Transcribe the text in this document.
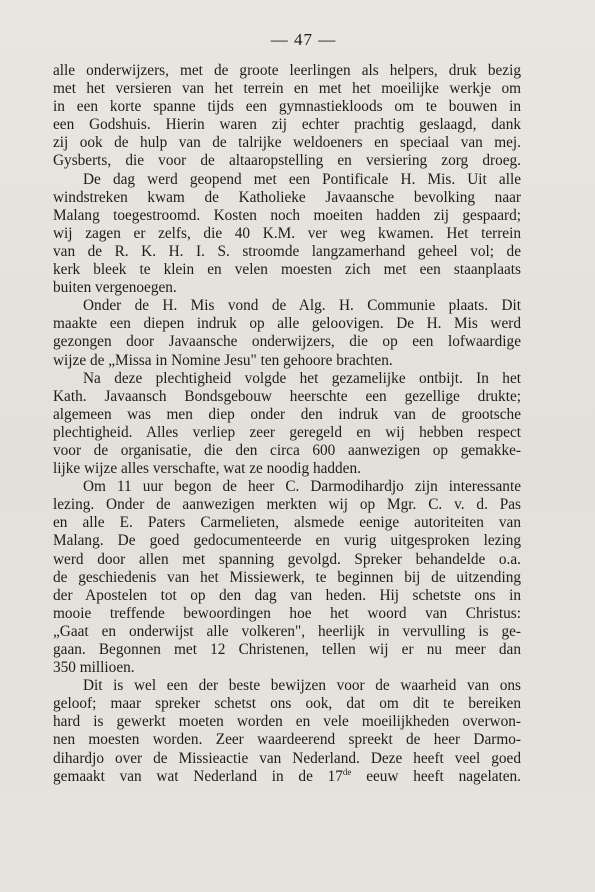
— 47 —

alle onderwijzers, met de groote leerlingen als helpers, druk bezig
met het versieren van het terrein en met het moeilijke werkje om
in een korte spanne tijds een gymnastiekloods om te bouwen in
een Godshuis. Hierin waren zij echter prachtig geslaagd, dank
zij ook de hulp van de talrijke weldoeners en speciaal van mej.
Gysberts, die voor de altaaropstelling en versiering zorg droeg.

De dag werd geopend met een Pontificale H. Mis. Uit alle
windstreken kwam de Katholieke Javaansche bevolking naar
Malang toegestroomd. Kosten noch moeiten hadden zij gespaard;
wij zagen er zelfs, die 40 K.M. ver weg kwamen. Het terrein
van de R. K. H. I. S. stroomde langzamerhand geheel vol; de
kerk bleek te klein en velen moesten zich met een staanplaats
buiten vergenoegen.

Onder de H. Mis vond de Alg. H. Communie plaats. Dit
maakte een diepen indruk op alle geloovigen. De H. Mis werd
gezongen door Javaansche onderwijzers, die op een lofwaardige
wijze de „Missa in Nomine Jesu" ten gehoore brachten.

Na deze plechtigheid volgde het gezamelijke ontbijt. In het
Kath. Javaansch Bondsgebouw heerschte een gezellige drukte;
algemeen was men diep onder den indruk van de grootsche
plechtigheid. Alles verliep zeer geregeld en wij hebben respect
voor de organisatie, die den circa 600 aanwezigen op gemakke-
lijke wijze alles verschafte, wat ze noodig hadden.

Om 11 uur begon de heer C. Darmodihardjo zijn interessante
lezing. Onder de aanwezigen merkten wij op Mgr. C. v. d. Pas
en alle E. Paters Carmelieten, alsmede eenige autoriteiten van
Malang. De goed gedocumenteerde en vurig uitgesproken lezing
werd door allen met spanning gevolgd. Spreker behandelde o.a.
de geschiedenis van het Missiewerk, te beginnen bij de uitzending
der Apostelen tot op den dag van heden. Hij schetste ons in
mooie treffende bewoordingen hoe het woord van Christus:
„Gaat en onderwijst alle volkeren", heerlijk in vervulling is ge-
gaan. Begonnen met 12 Christenen, tellen wij er nu meer dan
350 millioen.

Dit is wel een der beste bewijzen voor de waarheid van ons
geloof; maar spreker schetst ons ook, dat om dit te bereiken
hard is gewerkt moeten worden en vele moeilijkheden overwon-
nen moesten worden. Zeer waardeerend spreekt de heer Darmo-
dihardjo over de Missieactie van Nederland. Deze heeft veel goed
gemaakt van wat Nederland in de 17de eeuw heeft nagelaten.
